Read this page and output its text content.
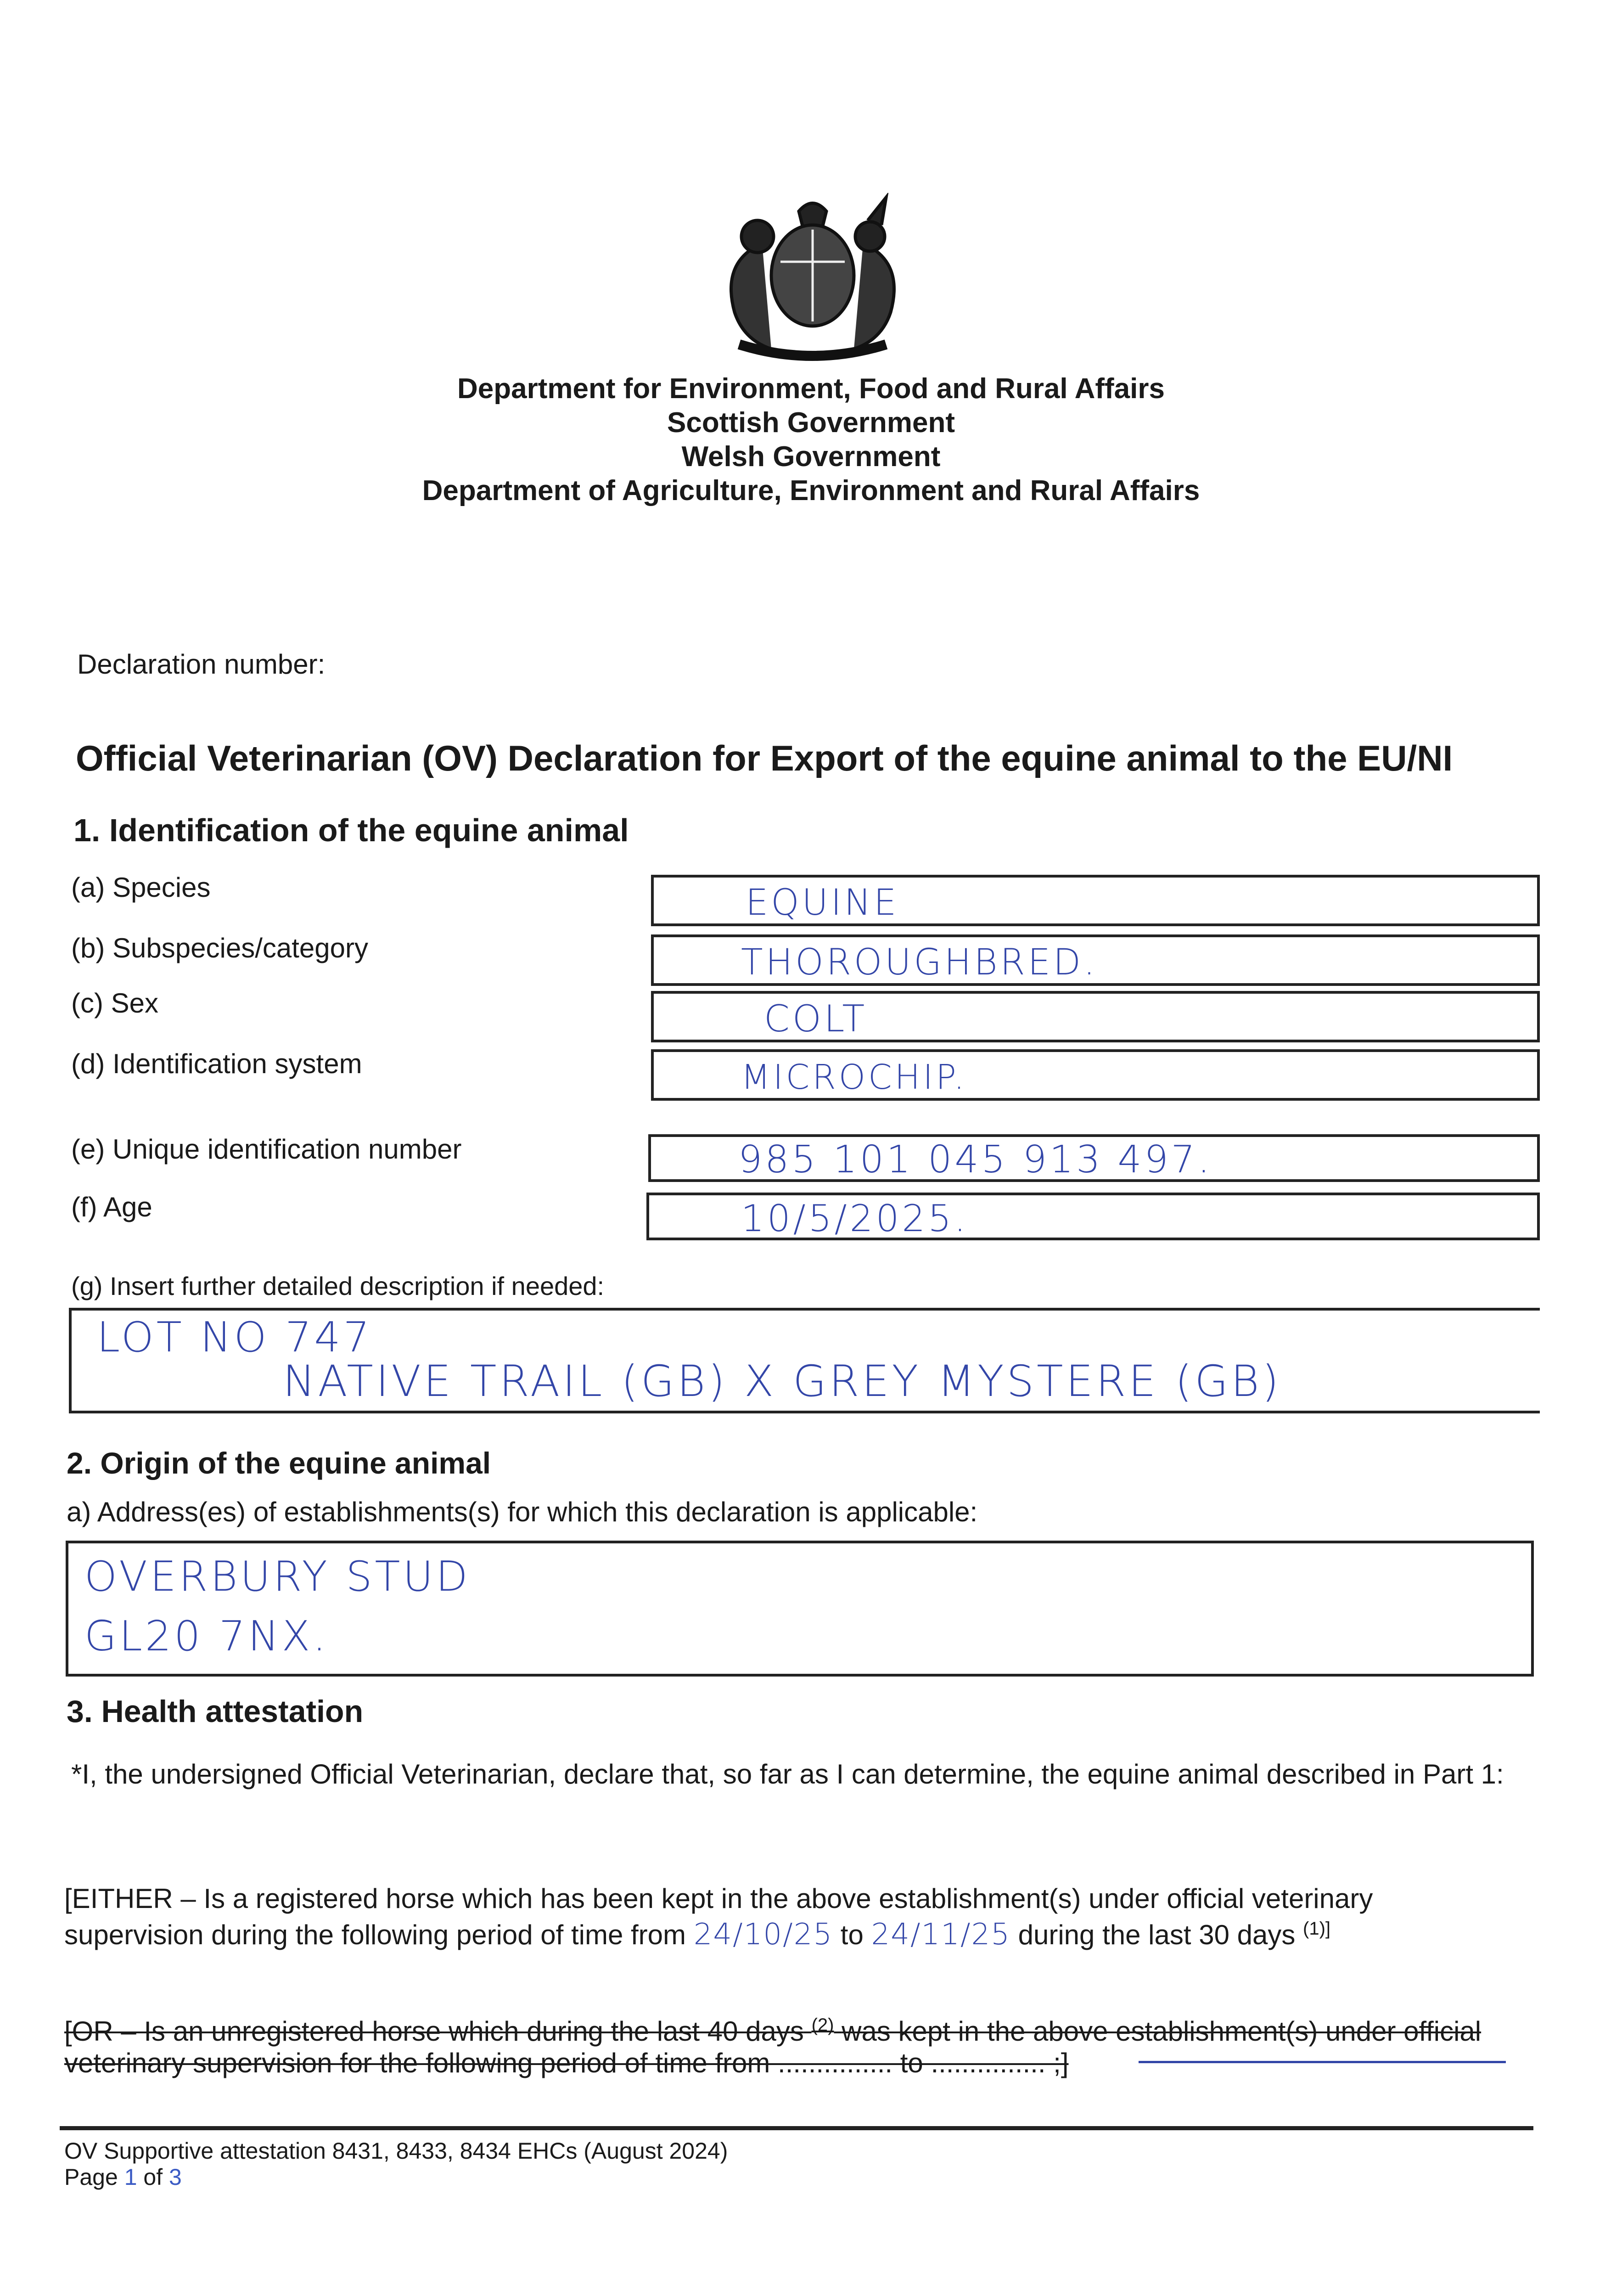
Department for Environment, Food and Rural Affairs
Scottish Government
Welsh Government
Department of Agriculture, Environment and Rural Affairs
Declaration number:
Official Veterinarian (OV) Declaration for Export of the equine animal to the EU/NI
1. Identification of the equine animal
(a) Species	EQUINE
(b) Subspecies/category	THOROUGHBRED.
(c) Sex	COLT
(d) Identification system	MICROCHIP.
(e) Unique identification number	985 101 045 913 497.
(f) Age	10/5/2025.
(g) Insert further detailed description if needed:
LOT NO 747
NATIVE TRAIL (GB) X GREY MYSTERE (GB)
2. Origin of the equine animal
a) Address(es) of establishments(s) for which this declaration is applicable:
OVERBURY STUD
GL20 7NX.
3. Health attestation
*I, the undersigned Official Veterinarian, declare that, so far as I can determine, the equine animal described in Part 1:
[EITHER – Is a registered horse which has been kept in the above establishment(s) under official veterinary
supervision during the following period of time from 24/10/25 to 24/11/25 during the last 30 days $^{(1)]}$
[OR – Is an unregistered horse which during the last 40 days $^{(2)}$ was kept in the above establishment(s) under official
veterinary supervision for the following period of time from ............... to ............... ;]
OV Supportive attestation 8431, 8433, 8434 EHCs (August 2024)
Page 1 of 3
